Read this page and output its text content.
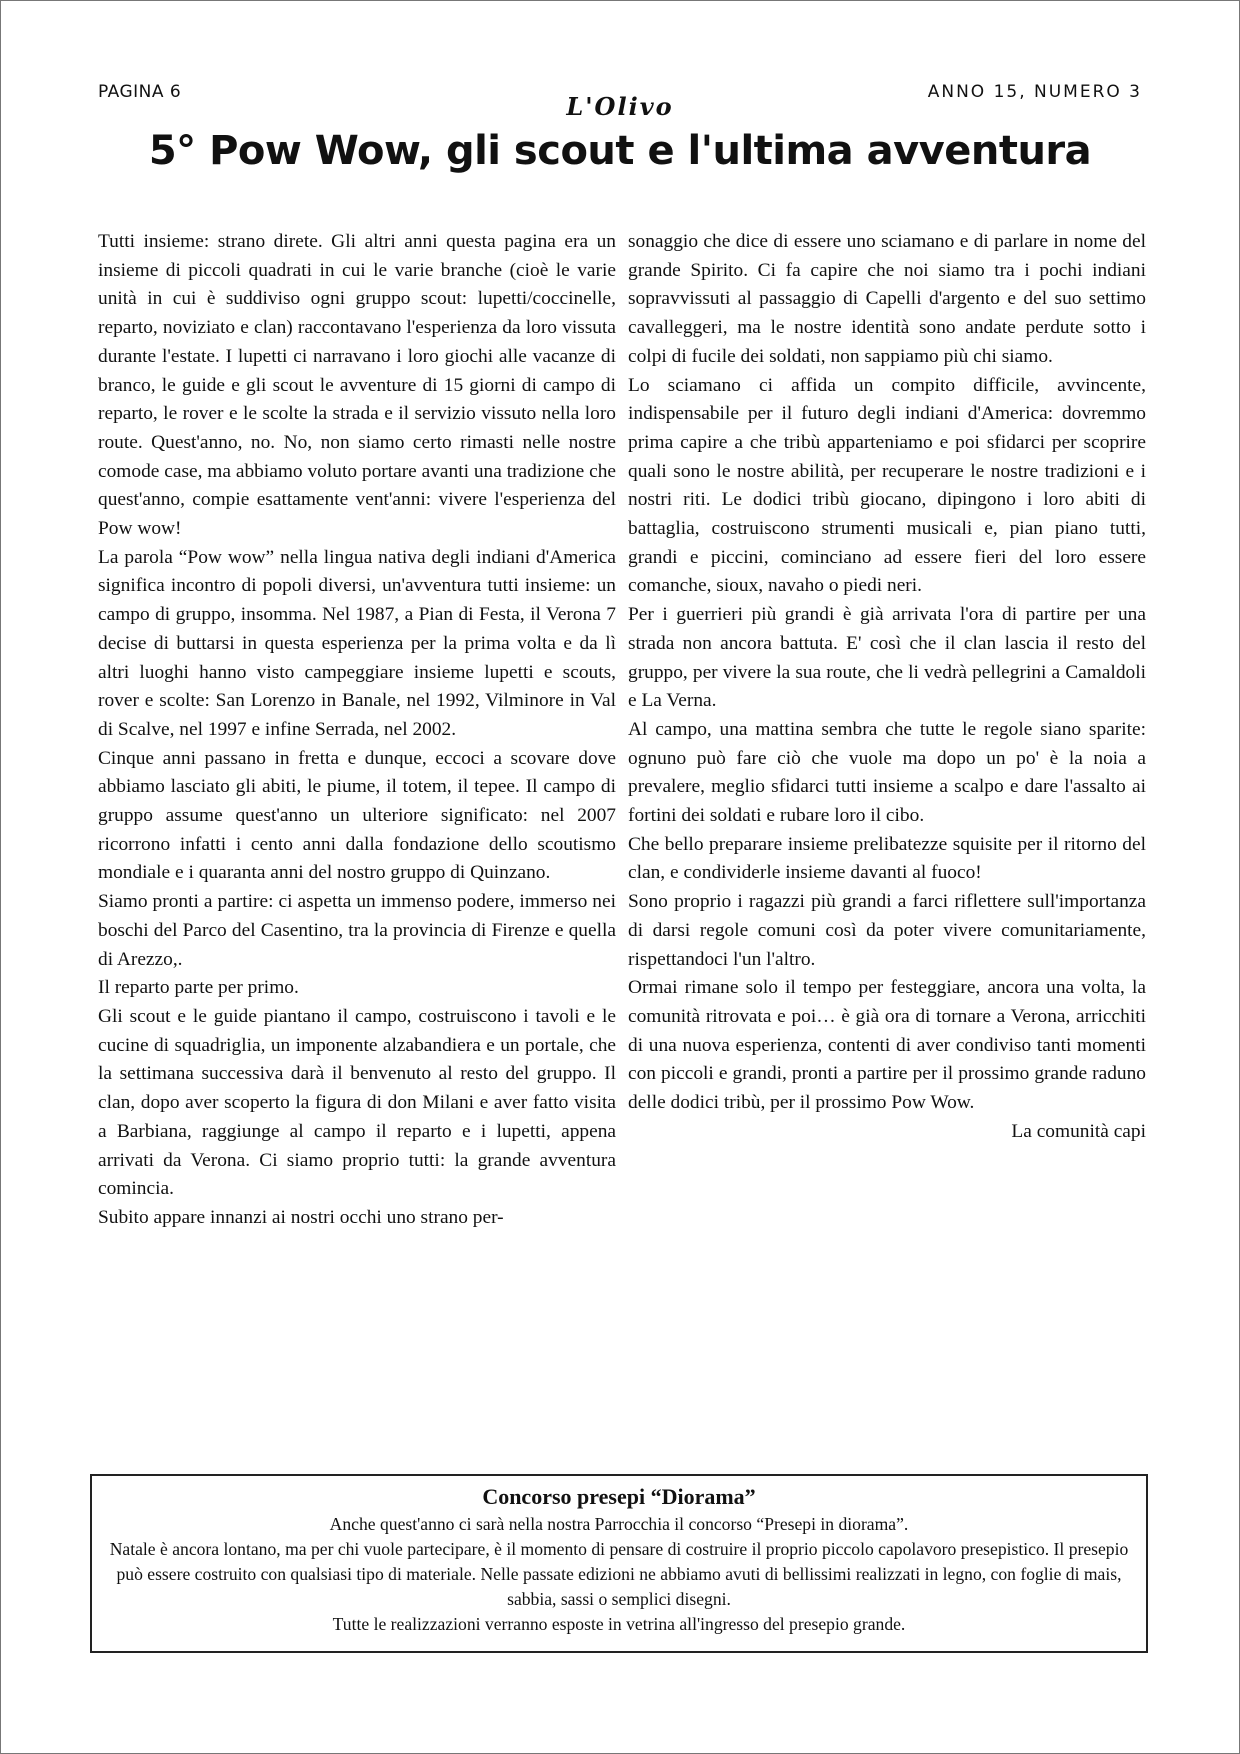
PAGINA 6	L'Olivo	ANNO 15, NUMERO 3
5° Pow Wow, gli scout e l'ultima avventura

Tutti insieme: strano direte. Gli altri anni questa pagina era un insieme di piccoli quadrati in cui le varie branche (cioè le varie unità in cui è suddiviso ogni gruppo scout: lupetti/coccinelle, reparto, noviziato e clan) raccontavano l'esperienza da loro vissuta durante l'estate. I lupetti ci narravano i loro giochi alle vacanze di branco, le guide e gli scout le avventure di 15 giorni di campo di reparto, le rover e le scolte la strada e il servizio vissuto nella loro route. Quest'anno, no. No, non siamo certo rimasti nelle nostre comode case, ma abbiamo voluto portare avanti una tradizione che quest'anno, compie esattamente vent'anni: vivere l'esperienza del Pow wow!

La parola “Pow wow” nella lingua nativa degli indiani d'America significa incontro di popoli diversi, un'avventura tutti insieme: un campo di gruppo, insomma. Nel 1987, a Pian di Festa, il Verona 7 decise di buttarsi in questa esperienza per la prima volta e da lì altri luoghi hanno visto campeggiare insieme lupetti e scouts, rover e scolte: San Lorenzo in Banale, nel 1992, Vilminore in Val di Scalve, nel 1997 e infine Serrada, nel 2002.

Cinque anni passano in fretta e dunque, eccoci a scovare dove abbiamo lasciato gli abiti, le piume, il totem, il tepee. Il campo di gruppo assume quest'anno un ulteriore significato: nel 2007 ricorrono infatti i cento anni dalla fondazione dello scoutismo mondiale e i quaranta anni del nostro gruppo di Quinzano.

Siamo pronti a partire: ci aspetta un immenso podere, immerso nei boschi del Parco del Casentino, tra la provincia di Firenze e quella di Arezzo,.

Il reparto parte per primo.

Gli scout e le guide piantano il campo, costruiscono i tavoli e le cucine di squadriglia, un imponente alzabandiera e un portale, che la settimana successiva darà il benvenuto al resto del gruppo. Il clan, dopo aver scoperto la figura di don Milani e aver fatto visita a Barbiana, raggiunge al campo il reparto e i lupetti, appena arrivati da Verona. Ci siamo proprio tutti: la grande avventura comincia.

Subito appare innanzi ai nostri occhi uno strano per-

sonaggio che dice di essere uno sciamano e di parlare in nome del grande Spirito. Ci fa capire che noi siamo tra i pochi indiani sopravvissuti al passaggio di Capelli d'argento e del suo settimo cavalleggeri, ma le nostre identità sono andate perdute sotto i colpi di fucile dei soldati, non sappiamo più chi siamo.

Lo sciamano ci affida un compito difficile, avvincente, indispensabile per il futuro degli indiani d'America: dovremmo prima capire a che tribù apparteniamo e poi sfidarci per scoprire quali sono le nostre abilità, per recuperare le nostre tradizioni e i nostri riti. Le dodici tribù giocano, dipingono i loro abiti di battaglia, costruiscono strumenti musicali e, pian piano tutti, grandi e piccini, cominciano ad essere fieri del loro essere comanche, sioux, navaho o piedi neri.

Per i guerrieri più grandi è già arrivata l'ora di partire per una strada non ancora battuta. E' così che il clan lascia il resto del gruppo, per vivere la sua route, che li vedrà pellegrini a Camaldoli e La Verna.

Al campo, una mattina sembra che tutte le regole siano sparite: ognuno può fare ciò che vuole ma dopo un po' è la noia a prevalere, meglio sfidarci tutti insieme a scalpo e dare l'assalto ai fortini dei soldati e rubare loro il cibo.

Che bello preparare insieme prelibatezze squisite per il ritorno del clan, e condividerle insieme davanti al fuoco!

Sono proprio i ragazzi più grandi a farci riflettere sull'importanza di darsi regole comuni così da poter vivere comunitariamente, rispettandoci l'un l'altro.

Ormai rimane solo il tempo per festeggiare, ancora una volta, la comunità ritrovata e poi… è già ora di tornare a Verona, arricchiti di una nuova esperienza, contenti di aver condiviso tanti momenti con piccoli e grandi, pronti a partire per il prossimo grande raduno delle dodici tribù, per il prossimo Pow Wow.

La comunità capi

Concorso presepi “Diorama”

Anche quest'anno ci sarà nella nostra Parrocchia il concorso “Presepi in diorama”.

Natale è ancora lontano, ma per chi vuole partecipare, è il momento di pensare di costruire il proprio piccolo capolavoro presepistico. Il presepio può essere costruito con qualsiasi tipo di materiale. Nelle passate edizioni ne abbiamo avuti di bellissimi realizzati in legno, con foglie di mais, sabbia, sassi o semplici disegni.

Tutte le realizzazioni verranno esposte in vetrina all'ingresso del presepio grande.
